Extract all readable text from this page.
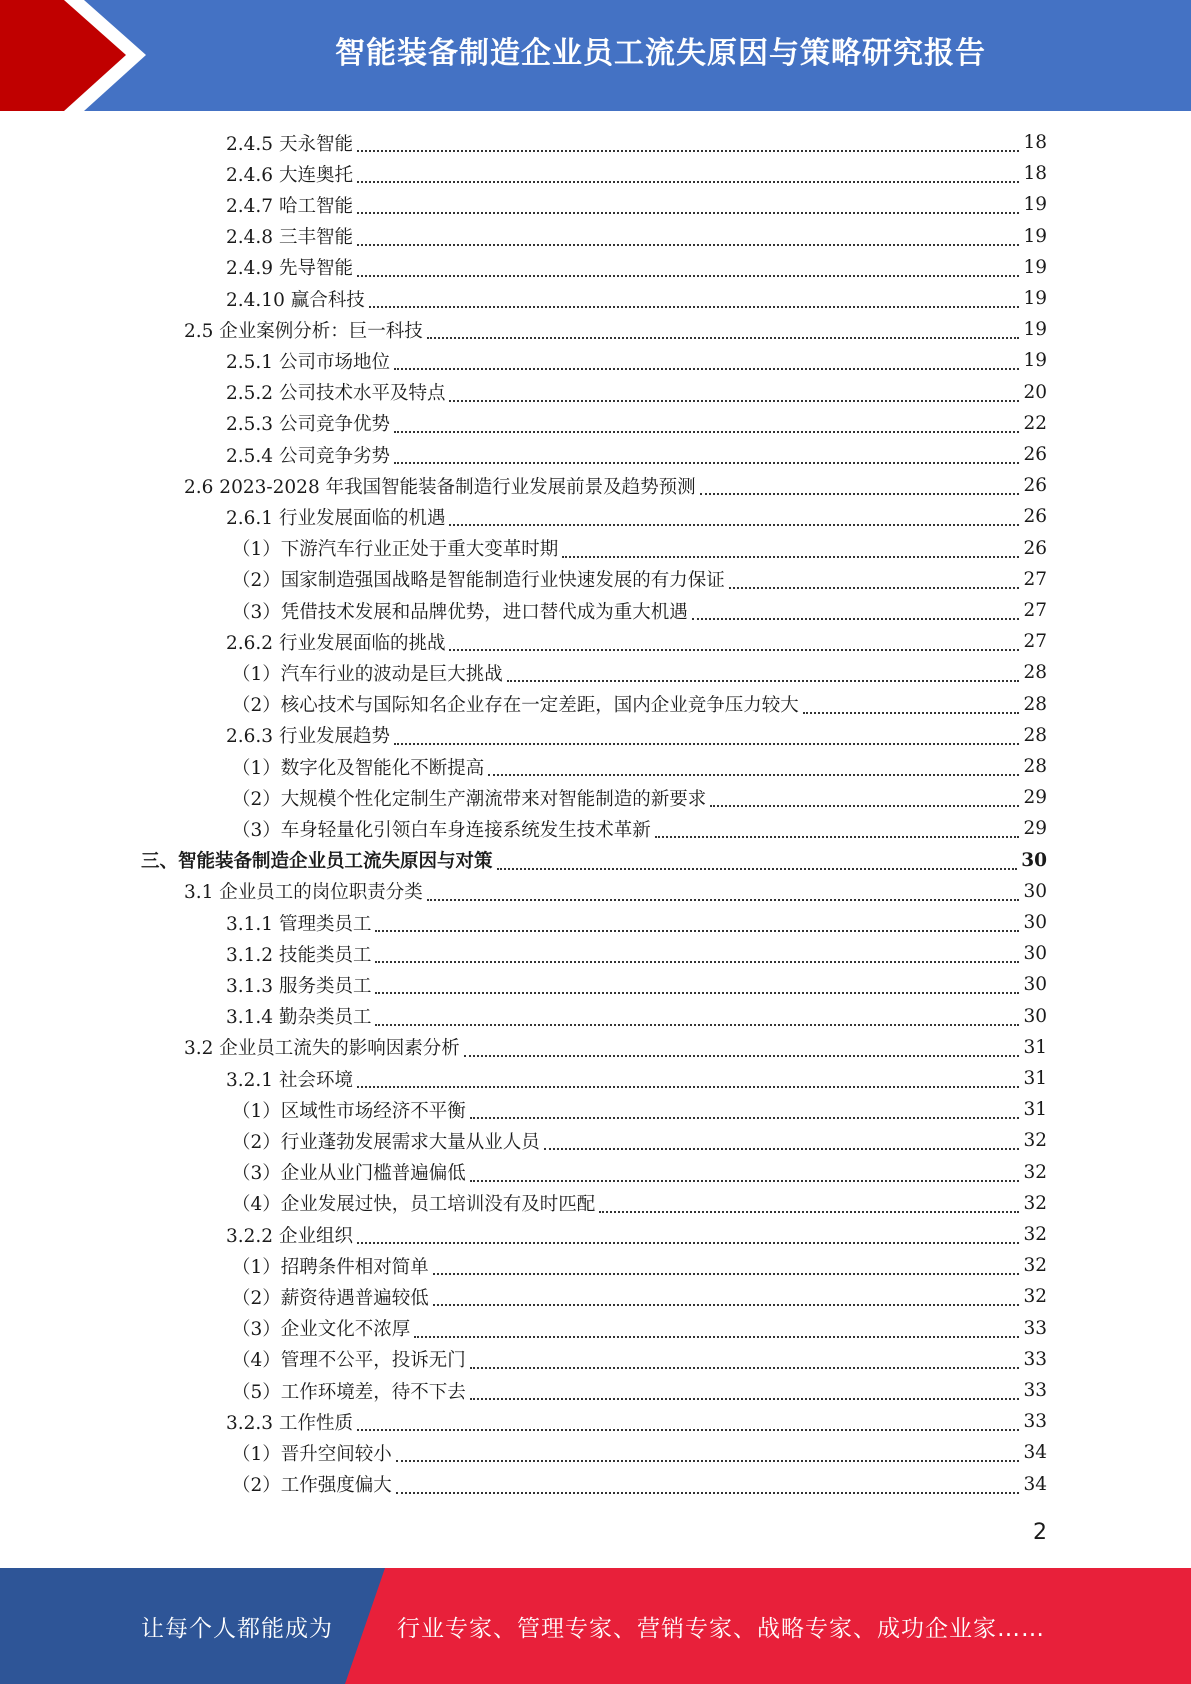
智能装备制造企业员工流失原因与策略研究报告
2.4.5 天永智能	18
2.4.6 大连奥托	18
2.4.7 哈工智能	19
2.4.8 三丰智能	19
2.4.9 先导智能	19
2.4.10 赢合科技	19
2.5 企业案例分析：巨一科技	19
2.5.1 公司市场地位	19
2.5.2 公司技术水平及特点	20
2.5.3 公司竞争优势	22
2.5.4 公司竞争劣势	26
2.6 2023-2028 年我国智能装备制造行业发展前景及趋势预测	26
2.6.1 行业发展面临的机遇	26
（1）下游汽车行业正处于重大变革时期	26
（2）国家制造强国战略是智能制造行业快速发展的有力保证	27
（3）凭借技术发展和品牌优势，进口替代成为重大机遇	27
2.6.2 行业发展面临的挑战	27
（1）汽车行业的波动是巨大挑战	28
（2）核心技术与国际知名企业存在一定差距，国内企业竞争压力较大	28
2.6.3 行业发展趋势	28
（1）数字化及智能化不断提高	28
（2）大规模个性化定制生产潮流带来对智能制造的新要求	29
（3）车身轻量化引领白车身连接系统发生技术革新	29
三、智能装备制造企业员工流失原因与对策	30
3.1 企业员工的岗位职责分类	30
3.1.1 管理类员工	30
3.1.2 技能类员工	30
3.1.3 服务类员工	30
3.1.4 勤杂类员工	30
3.2 企业员工流失的影响因素分析	31
3.2.1 社会环境	31
（1）区域性市场经济不平衡	31
（2）行业蓬勃发展需求大量从业人员	32
（3）企业从业门槛普遍偏低	32
（4）企业发展过快，员工培训没有及时匹配	32
3.2.2 企业组织	32
（1）招聘条件相对简单	32
（2）薪资待遇普遍较低	32
（3）企业文化不浓厚	33
（4）管理不公平，投诉无门	33
（5）工作环境差，待不下去	33
3.2.3 工作性质	33
（1）晋升空间较小	34
（2）工作强度偏大	34
2
让每个人都能成为	行业专家、管理专家、营销专家、战略专家、成功企业家……
